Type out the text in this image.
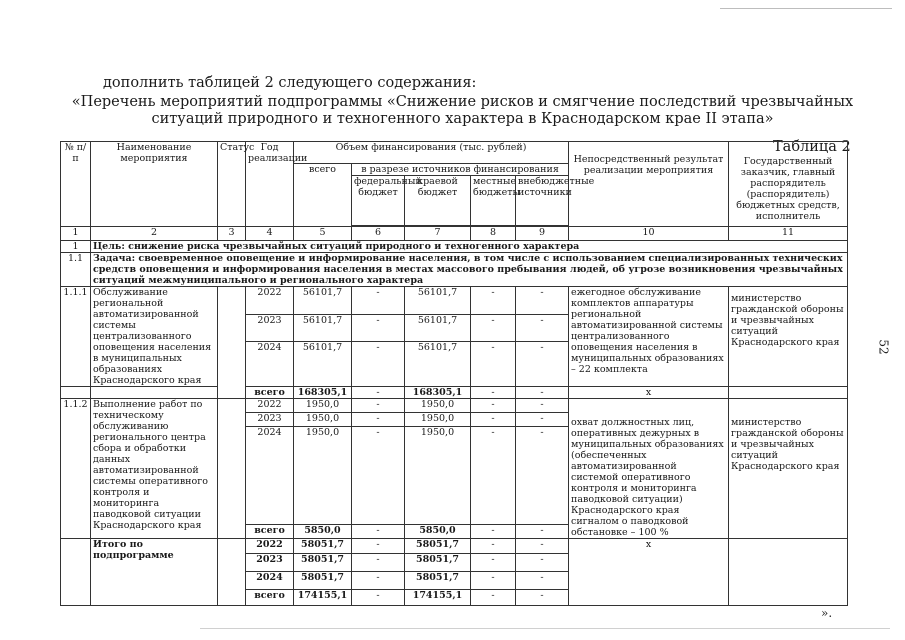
52
дополнить таблицей 2 следующего содержания:
«Перечень мероприятий подпрограммы «Снижение рисков и смягчение последствий чрезвычайных ситуаций природного и техногенного характера в Краснодарском крае II этапа»
Таблица 2
№ п/п	Наименование мероприятия	Статус	Год реализации	Объем финансирования (тыс. рублей)					Непосредственный результат реализации мероприятия	Государственный заказчик, главный распорядитель (распорядитель) бюджетных средств, исполнитель
				всего	в разрезе источников финансирования					
					федеральный бюджет	краевой бюджет	местные бюджеты	внебюджетные источники		

1	2	3	4	5	6	7	8	9	10	11
1	Цель: снижение риска чрезвычайных ситуаций природного и техногенного характера									
1.1	Задача: своевременное оповещение и информирование населения, в том числе с использованием специализированных технических средств оповещения и информирования населения в местах массового пребывания людей, об угрозе возникновения чрезвычайных ситуаций межмуниципального и регионального характера									
1.1.1	Обслуживание региональной автоматизированной системы централизованного оповещения населения в муниципальных образованиях Краснодарского края		2022	56101,7	-	56101,7	-	-	ежегодное обслуживание комплектов аппаратуры региональной автоматизированной системы централизованного оповещения населения в муниципальных образованиях – 22 комплекта	министерство гражданской обороны и чрезвычайных ситуаций Краснодарского края
			2023	56101,7	-	56101,7	-	-		
			2024	56101,7	-	56101,7	-	-		
			всего	168305,1	-	168305,1	-	-	х	
1.1.2	Выполнение работ по техническому обслуживанию регионального центра сбора и обработки данных автоматизированной системы оперативного контроля и мониторинга паводковой ситуации Краснодарского края		2022	1950,0	-	1950,0	-	-	охват должностных лиц, оперативных дежурных в муниципальных образованиях (обеспеченных автоматизированной системой оперативного контроля и мониторинга паводковой ситуации) Краснодарского края сигналом о паводковой обстановке – 100 %	министерство гражданской обороны и чрезвычайных ситуаций Краснодарского края
			2023	1950,0	-	1950,0	-	-		
			2024	1950,0	-	1950,0	-	-		
			всего	5850,0	-	5850,0	-	-		
	Итого по подпрограмме		2022	58051,7	-	58051,7	-	-	х	
			2023	58051,7	-	58051,7	-	-		
			2024	58051,7	-	58051,7	-	-		
			всего	174155,1	-	174155,1	-	-		
».
